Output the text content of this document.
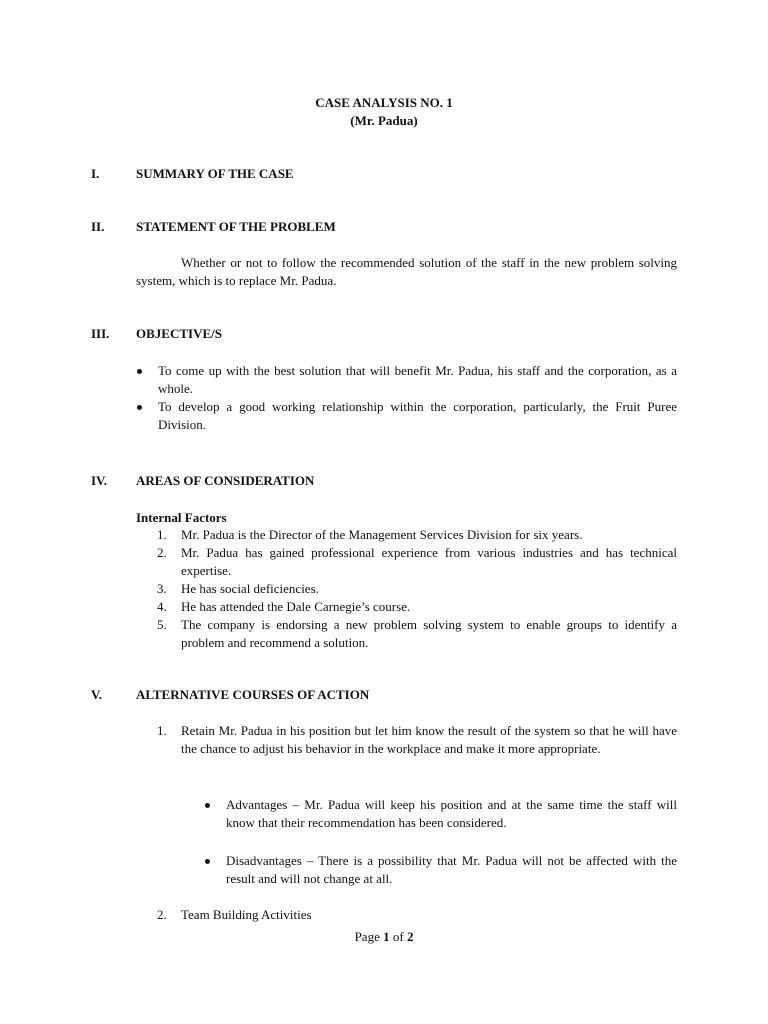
CASE ANALYSIS NO. 1
(Mr. Padua)
I.	SUMMARY OF THE CASE
II. STATEMENT OF THE PROBLEM
Whether or not to follow the recommended solution of the staff in the new problem solving system, which is to replace Mr. Padua.
III. OBJECTIVE/S
To come up with the best solution that will benefit Mr. Padua, his staff and the corporation, as a whole.
To develop a good working relationship within the corporation, particularly, the Fruit Puree Division.
IV. AREAS OF CONSIDERATION
Internal Factors
1. Mr. Padua is the Director of the Management Services Division for six years.
2. Mr. Padua has gained professional experience from various industries and has technical expertise.
3. He has social deficiencies.
4. He has attended the Dale Carnegie’s course.
5. The company is endorsing a new problem solving system to enable groups to identify a problem and recommend a solution.
V.	ALTERNATIVE COURSES OF ACTION
1. Retain Mr. Padua in his position but let him know the result of the system so that he will have the chance to adjust his behavior in the workplace and make it more appropriate.
Advantages – Mr. Padua will keep his position and at the same time the staff will know that their recommendation has been considered.
Disadvantages – There is a possibility that Mr. Padua will not be affected with the result and will not change at all.
2. Team Building Activities
Page 1 of 2
